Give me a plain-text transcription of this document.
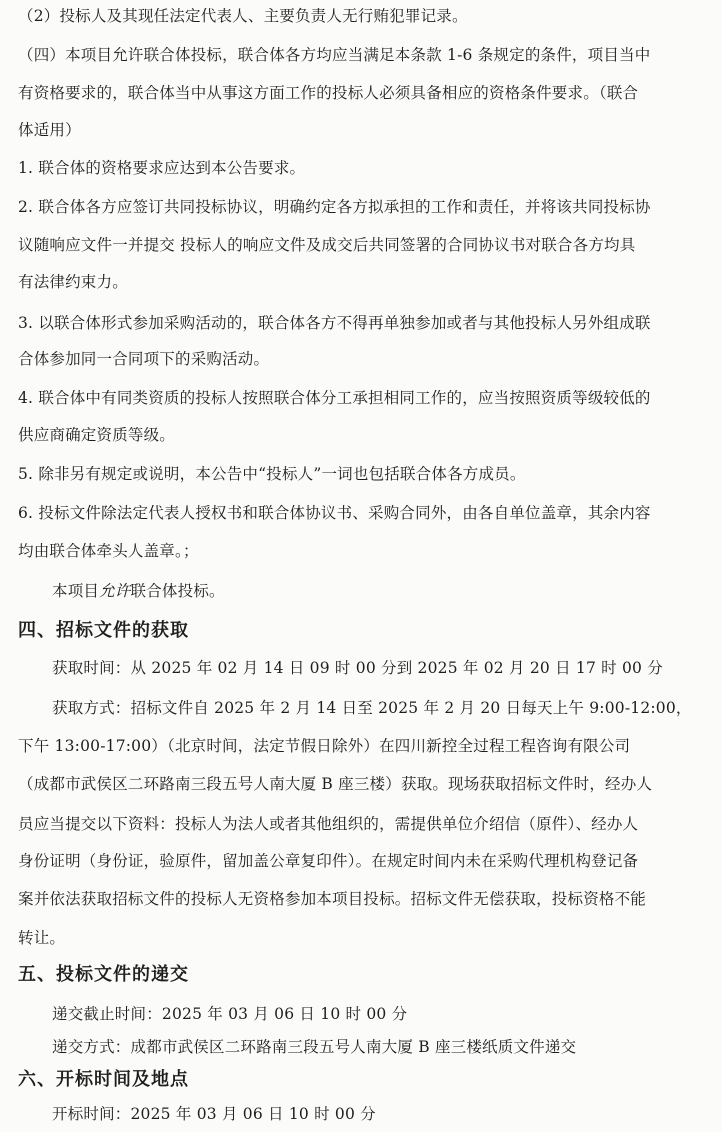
（2）投标人及其现任法定代表人、主要负责人无行贿犯罪记录。
（四）本项目允许联合体投标，联合体各方均应当满足本条款 1-6 条规定的条件，项目当中
有资格要求的，联合体当中从事这方面工作的投标人必须具备相应的资格条件要求。（联合
体适用）
1. 联合体的资格要求应达到本公告要求。
2. 联合体各方应签订共同投标协议，明确约定各方拟承担的工作和责任，并将该共同投标协
议随响应文件一并提交 投标人的响应文件及成交后共同签署的合同协议书对联合各方均具
有法律约束力。
3. 以联合体形式参加采购活动的，联合体各方不得再单独参加或者与其他投标人另外组成联
合体参加同一合同项下的采购活动。
4. 联合体中有同类资质的投标人按照联合体分工承担相同工作的，应当按照资质等级较低的
供应商确定资质等级。
5. 除非另有规定或说明，本公告中“投标人”一词也包括联合体各方成员。
6. 投标文件除法定代表人授权书和联合体协议书、采购合同外，由各自单位盖章，其余内容
均由联合体牵头人盖章。；
本项目允许联合体投标。
四、招标文件的获取
获取时间：从 2025 年 02 月 14 日 09 时 00 分到 2025 年 02 月 20 日 17 时 00 分
获取方式：招标文件自 2025 年 2 月 14 日至 2025 年 2 月 20 日每天上午 9:00-12:00，
下午 13:00-17:00）（北京时间，法定节假日除外）在四川新控全过程工程咨询有限公司
（成都市武侯区二环路南三段五号人南大厦 B 座三楼）获取。现场获取招标文件时，经办人
员应当提交以下资料：投标人为法人或者其他组织的，需提供单位介绍信（原件）、经办人
身份证明（身份证，验原件，留加盖公章复印件）。在规定时间内未在采购代理机构登记备
案并依法获取招标文件的投标人无资格参加本项目投标。招标文件无偿获取，投标资格不能
转让。
五、投标文件的递交
递交截止时间：2025 年 03 月 06 日 10 时 00 分
递交方式：成都市武侯区二环路南三段五号人南大厦 B 座三楼纸质文件递交
六、开标时间及地点
开标时间：2025 年 03 月 06 日 10 时 00 分
